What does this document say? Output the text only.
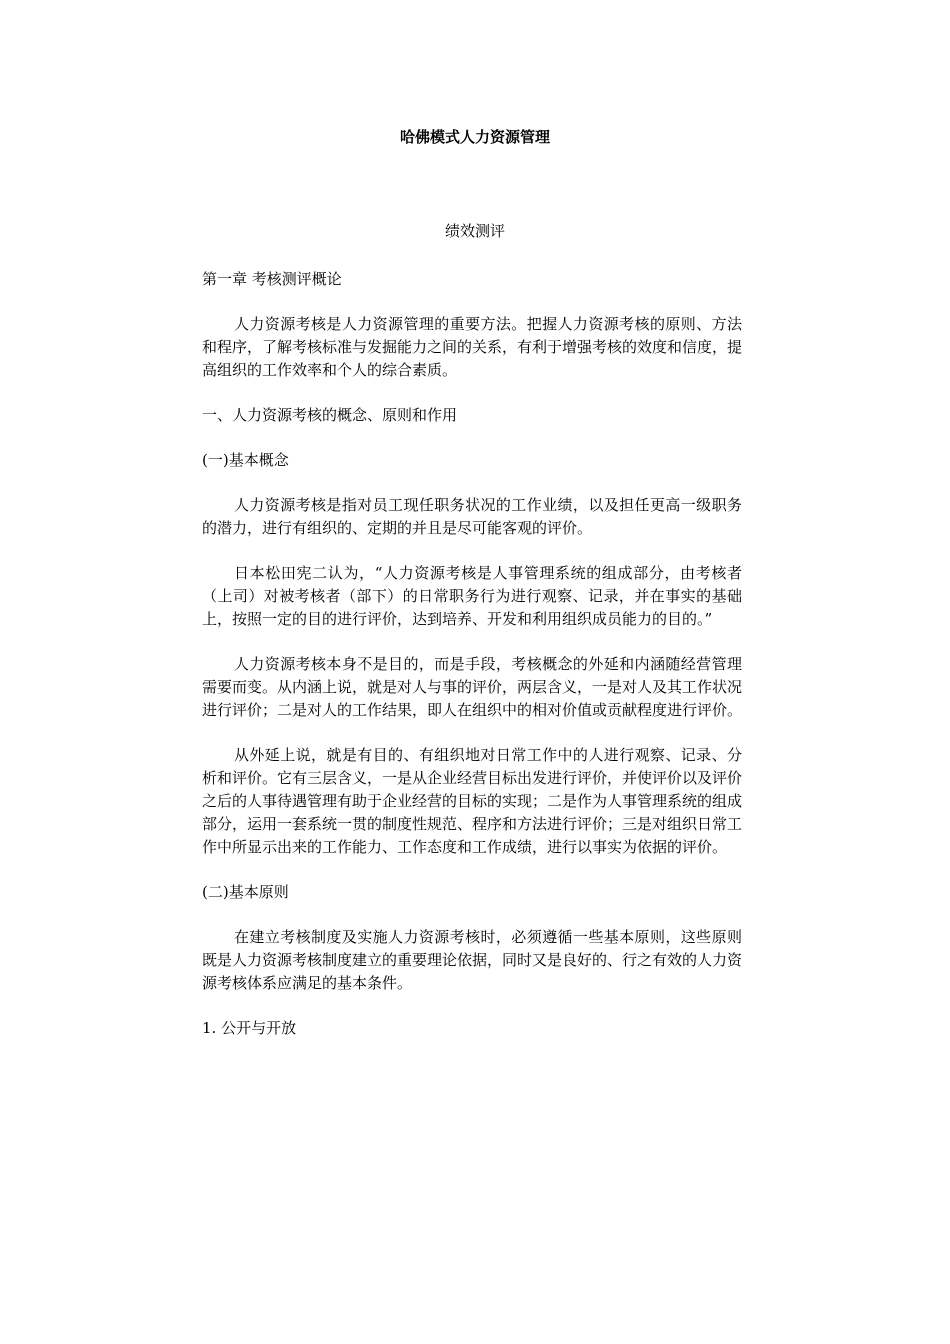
哈佛模式人力资源管理
绩效测评
第一章 考核测评概论

人力资源考核是人力资源管理的重要方法。把握人力资源考核的原则、方法和程序，了解考核标准与发掘能力之间的关系，有利于增强考核的效度和信度，提高组织的工作效率和个人的综合素质。

一、人力资源考核的概念、原则和作用
(一)基本概念

人力资源考核是指对员工现任职务状况的工作业绩，以及担任更高一级职务的潜力，进行有组织的、定期的并且是尽可能客观的评价。

日本松田宪二认为，“人力资源考核是人事管理系统的组成部分，由考核者（上司）对被考核者（部下）的日常职务行为进行观察、记录，并在事实的基础上，按照一定的目的进行评价，达到培养、开发和利用组织成员能力的目的。”

人力资源考核本身不是目的，而是手段，考核概念的外延和内涵随经营管理需要而变。从内涵上说，就是对人与事的评价，两层含义，一是对人及其工作状况进行评价；二是对人的工作结果，即人在组织中的相对价值或贡献程度进行评价。

从外延上说，就是有目的、有组织地对日常工作中的人进行观察、记录、分析和评价。它有三层含义，一是从企业经营目标出发进行评价，并使评价以及评价之后的人事待遇管理有助于企业经营的目标的实现；二是作为人事管理系统的组成部分，运用一套系统一贯的制度性规范、程序和方法进行评价；三是对组织日常工作中所显示出来的工作能力、工作态度和工作成绩，进行以事实为依据的评价。

(二)基本原则

在建立考核制度及实施人力资源考核时，必须遵循一些基本原则，这些原则既是人力资源考核制度建立的重要理论依据，同时又是良好的、行之有效的人力资源考核体系应满足的基本条件。

1. 公开与开放
